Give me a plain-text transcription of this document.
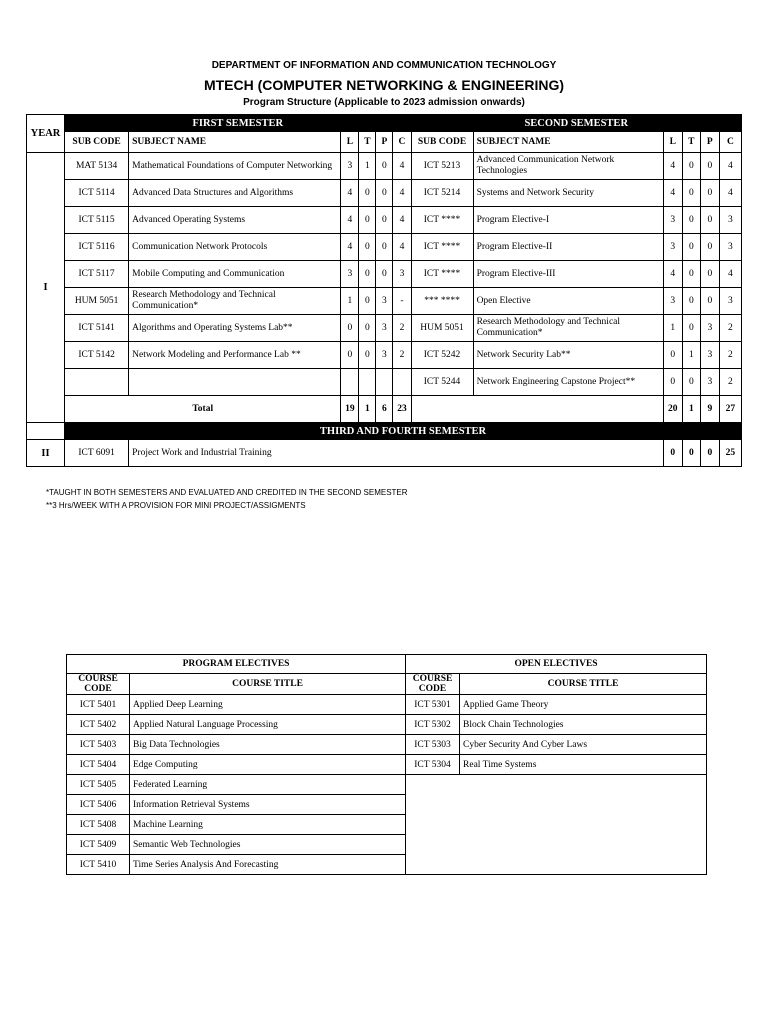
DEPARTMENT OF INFORMATION AND COMMUNICATION TECHNOLOGY
MTECH (COMPUTER NETWORKING & ENGINEERING)
Program Structure (Applicable to 2023 admission onwards)
YEAR	FIRST SEMESTER						SECOND SEMESTER					
	SUB CODE	SUBJECT NAME	L	T	P	C	SUB CODE	SUBJECT NAME	L	T	P	C
I	MAT 5134	Mathematical Foundations of Computer Networking	3	1	0	4	ICT 5213	Advanced Communication Network Technologies	4	0	0	4
	ICT 5114	Advanced Data Structures and Algorithms	4	0	0	4	ICT 5214	Systems and Network Security	4	0	0	4
	ICT 5115	Advanced Operating Systems	4	0	0	4	ICT ****	Program Elective-I	3	0	0	3
	ICT 5116	Communication Network Protocols	4	0	0	4	ICT ****	Program Elective-II	3	0	0	3
	ICT 5117	Mobile Computing and Communication	3	0	0	3	ICT ****	Program Elective-III	4	0	0	4
	HUM 5051	Research Methodology and Technical Communication*	1	0	3	-	*** ****	Open Elective	3	0	0	3
	ICT 5141	Algorithms and Operating Systems Lab**	0	0	3	2	HUM 5051	Research Methodology and Technical Communication*	1	0	3	2
	ICT 5142	Network Modeling and Performance Lab **	0	0	3	2	ICT 5242	Network Security Lab**	0	1	3	2
							ICT 5244	Network Engineering Capstone Project**	0	0	3	2
	Total		19	1	6	23			20	1	9	27
	THIRD AND FOURTH SEMESTER											
II	ICT 6091	Project Work and Industrial Training							0	0	0	25
*TAUGHT IN BOTH SEMESTERS AND EVALUATED AND CREDITED IN THE SECOND SEMESTER
**3 Hrs/WEEK WITH A PROVISION FOR MINI PROJECT/ASSIGMENTS
PROGRAM ELECTIVES		OPEN ELECTIVES	
COURSE CODE	COURSE TITLE	COURSE CODE	COURSE TITLE
ICT 5401	Applied Deep Learning	ICT 5301	Applied Game Theory
ICT 5402	Applied Natural Language Processing	ICT 5302	Block Chain Technologies
ICT 5403	Big Data Technologies	ICT 5303	Cyber Security And Cyber Laws
ICT 5404	Edge Computing	ICT 5304	Real Time Systems
ICT 5405	Federated Learning		
ICT 5406	Information Retrieval Systems		
ICT 5408	Machine Learning		
ICT 5409	Semantic Web Technologies		
ICT 5410	Time Series Analysis And Forecasting		
